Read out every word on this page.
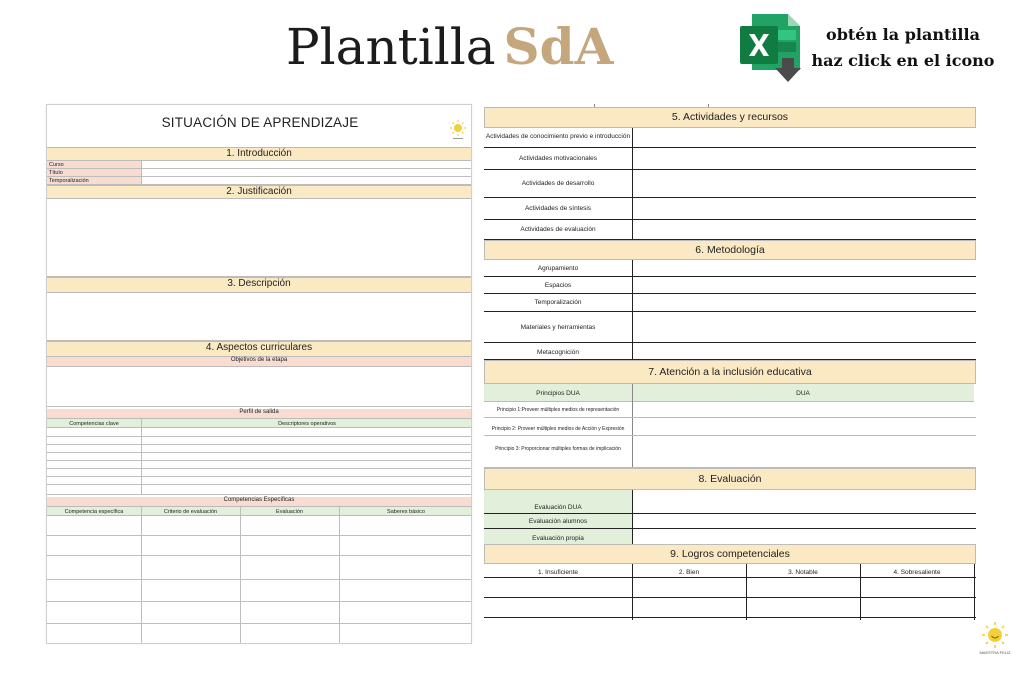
Plantilla SdA	obtén la plantilla
haz click en el icono
SITUACIÓN DE APRENDIZAJE
1. Introducción
Curso
Título
Temporalización
2. Justificación
3. Descripción
4. Aspectos curriculares
Objetivos de la etapa
Perfil de salida
Competencias clave	Descriptores operativos
Competencias Específicas
Competencia específica	Criterio de evaluación	Evaluación	Saberes básico
5. Actividades y recursos
Actividades de conocimiento previo e introducción
Actividades motivacionales
Actividades de desarrollo
Actividades de síntesis
Actividades de evaluación
6. Metodología
Agrupamiento
Espacios
Temporalización
Materiales y herramientas
Metacognición
7. Atención a la inclusión educativa
Principios DUA	DUA
Principio 1:Proveer múltiples medios de representación
Principio 2: Proveer múltiples medios de Acción y Expresión
Principio 3: Proporcionar múltiples formas de implicación
8. Evaluación
Evaluación DUA
Evaluación alumnos
Evaluación propia
9. Logros competenciales
1. Insuficiente	2. Bien	3. Notable	4. Sobresaliente
MAESTRA FELIZ
